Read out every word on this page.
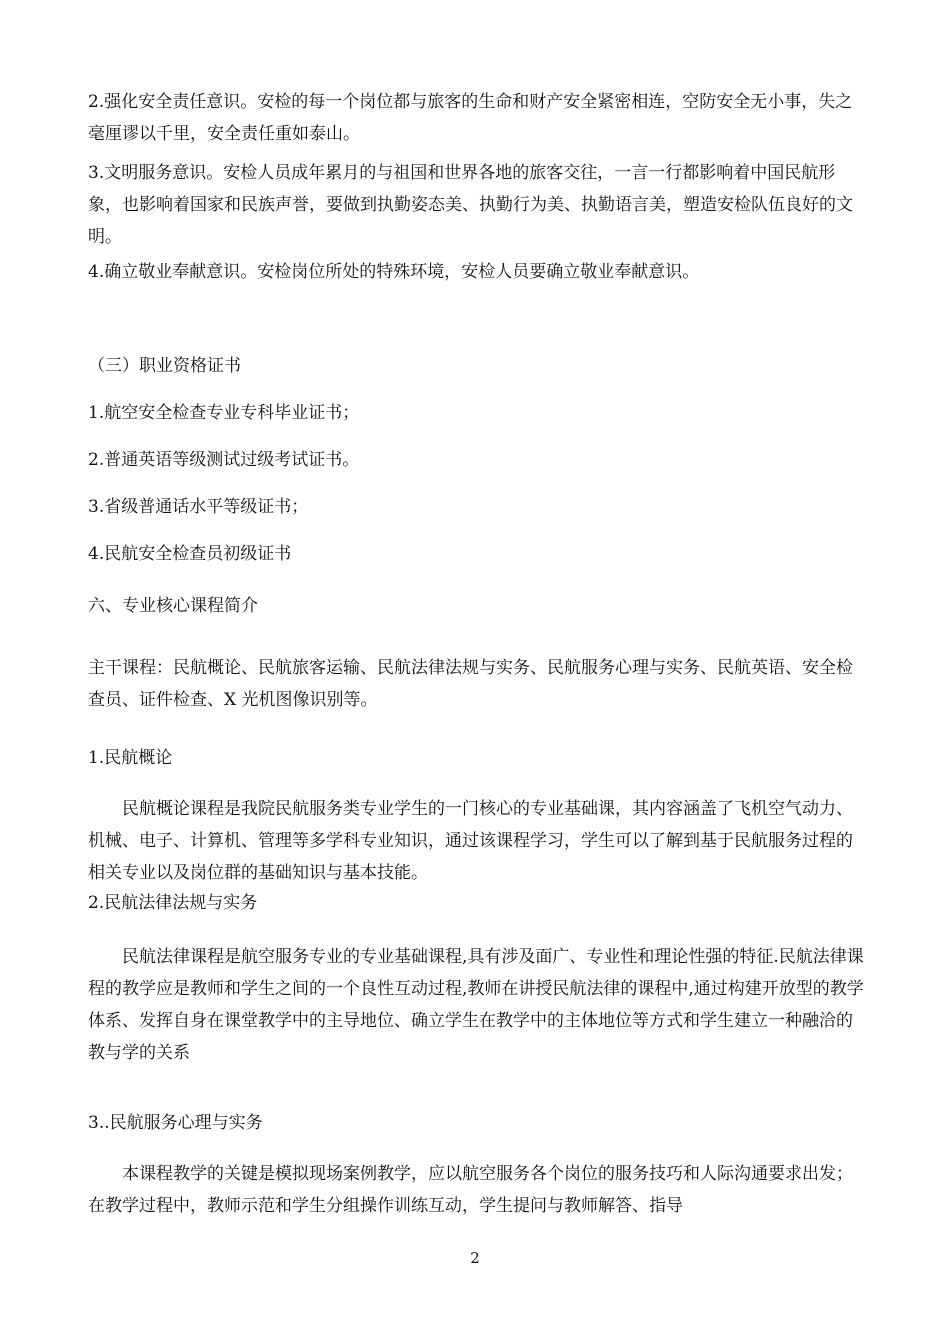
2.强化安全责任意识。安检的每一个岗位都与旅客的生命和财产安全紧密相连，空防安全无小事，失之毫厘谬以千里，安全责任重如泰山。

3.文明服务意识。安检人员成年累月的与祖国和世界各地的旅客交往，一言一行都影响着中国民航形象，也影响着国家和民族声誉，要做到执勤姿态美、执勤行为美、执勤语言美，塑造安检队伍良好的文明。

4.确立敬业奉献意识。安检岗位所处的特殊环境，安检人员要确立敬业奉献意识。

（三）职业资格证书

1.航空安全检查专业专科毕业证书；

2.普通英语等级测试过级考试证书。

3.省级普通话水平等级证书；

4.民航安全检查员初级证书

六、专业核心课程简介

主干课程：民航概论、民航旅客运输、民航法律法规与实务、民航服务心理与实务、民航英语、安全检查员、证件检查、X 光机图像识别等。

1.民航概论

民航概论课程是我院民航服务类专业学生的一门核心的专业基础课，其内容涵盖了飞机空气动力、机械、电子、计算机、管理等多学科专业知识，通过该课程学习，学生可以了解到基于民航服务过程的相关专业以及岗位群的基础知识与基本技能。

2.民航法律法规与实务

民航法律课程是航空服务专业的专业基础课程,具有涉及面广、专业性和理论性强的特征.民航法律课程的教学应是教师和学生之间的一个良性互动过程,教师在讲授民航法律的课程中,通过构建开放型的教学体系、发挥自身在课堂教学中的主导地位、确立学生在教学中的主体地位等方式和学生建立一种融洽的教与学的关系

3..民航服务心理与实务

本课程教学的关键是模拟现场案例教学，应以航空服务各个岗位的服务技巧和人际沟通要求出发；在教学过程中，教师示范和学生分组操作训练互动，学生提问与教师解答、指导

2
